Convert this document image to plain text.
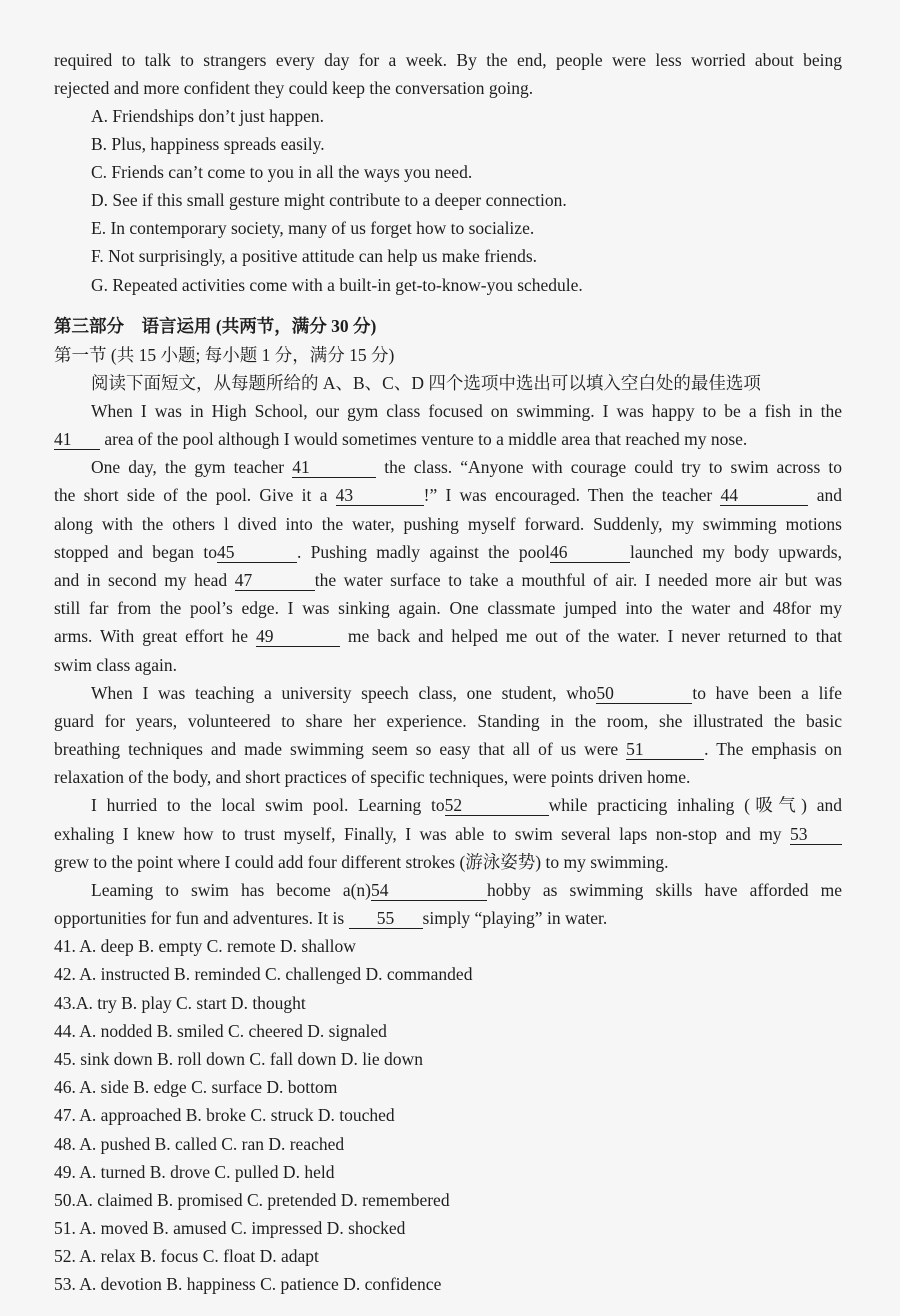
required to talk to strangers every day for a week. By the end, people were less worried about being
rejected and more confident they could keep the conversation going.
A. Friendships don’t just happen.
B. Plus, happiness spreads easily.
C. Friends can’t come to you in all the ways you need.
D. See if this small gesture might contribute to a deeper connection.
E. In contemporary society, many of us forget how to socialize.
F. Not surprisingly, a positive attitude can help us make friends.
G. Repeated activities come with a built-in get-to-know-you schedule.
第三部分　语言运用 (共两节，满分 30 分)
第一节 (共 15 小题; 每小题 1 分，满分 15 分)
阅读下面短文，从每题所给的 A、B、C、D 四个选项中选出可以填入空白处的最佳选项
When I was in High School, our gym class focused on swimming. I was happy to be a fish in the
41 area of the pool although I would sometimes venture to a middle area that reached my nose.
One day, the gym teacher 41	the class. “Anyone with courage could try to swim across to
the short side of the pool. Give it a 43	!” I was encouraged. Then the teacher 44	and
along with the others l dived into the water, pushing myself forward. Suddenly, my swimming motions
stopped and began to45	. Pushing madly against the pool46	launched my body upwards,
and in second my head 47	the water surface to take a mouthful of air. I needed more air but was
still far from the pool’s edge. I was sinking again. One classmate jumped into the water and 48for my
arms. With great effort he 49	me back and helped me out of the water. I never returned to that
swim class again.
When I was teaching a university speech class, one student, who50	to have been a life
guard for years, volunteered to share her experience. Standing in the room, she illustrated the basic
breathing techniques and made swimming seem so easy that all of us were 51	. The emphasis on
relaxation of the body, and short practices of specific techniques, were points driven home.
I hurried to the local swim pool. Learning to52	while practicing inhaling (吸气) and
exhaling I knew how to trust myself, Finally, I was able to swim several laps non-stop and my 53
grew to the point where I could add four different strokes (游泳姿势) to my swimming.
Leaming to swim has become a(n)54	hobby as swimming skills have afforded me
opportunities for fun and adventures. It is 55 simply “playing” in water.
41. A. deep B. empty C. remote D. shallow
42. A. instructed B. reminded C. challenged D. commanded
43.A. try B. play C. start D. thought
44. A. nodded B. smiled C. cheered D. signaled
45. sink down B. roll down C. fall down D. lie down
46. A. side B. edge C. surface D. bottom
47. A. approached B. broke C. struck D. touched
48. A. pushed B. called C. ran D. reached
49. A. turned B. drove C. pulled D. held
50.A. claimed B. promised C. pretended D. remembered
51. A. moved B. amused C. impressed D. shocked
52. A. relax B. focus C. float D. adapt
53. A. devotion B. happiness C. patience D. confidence
